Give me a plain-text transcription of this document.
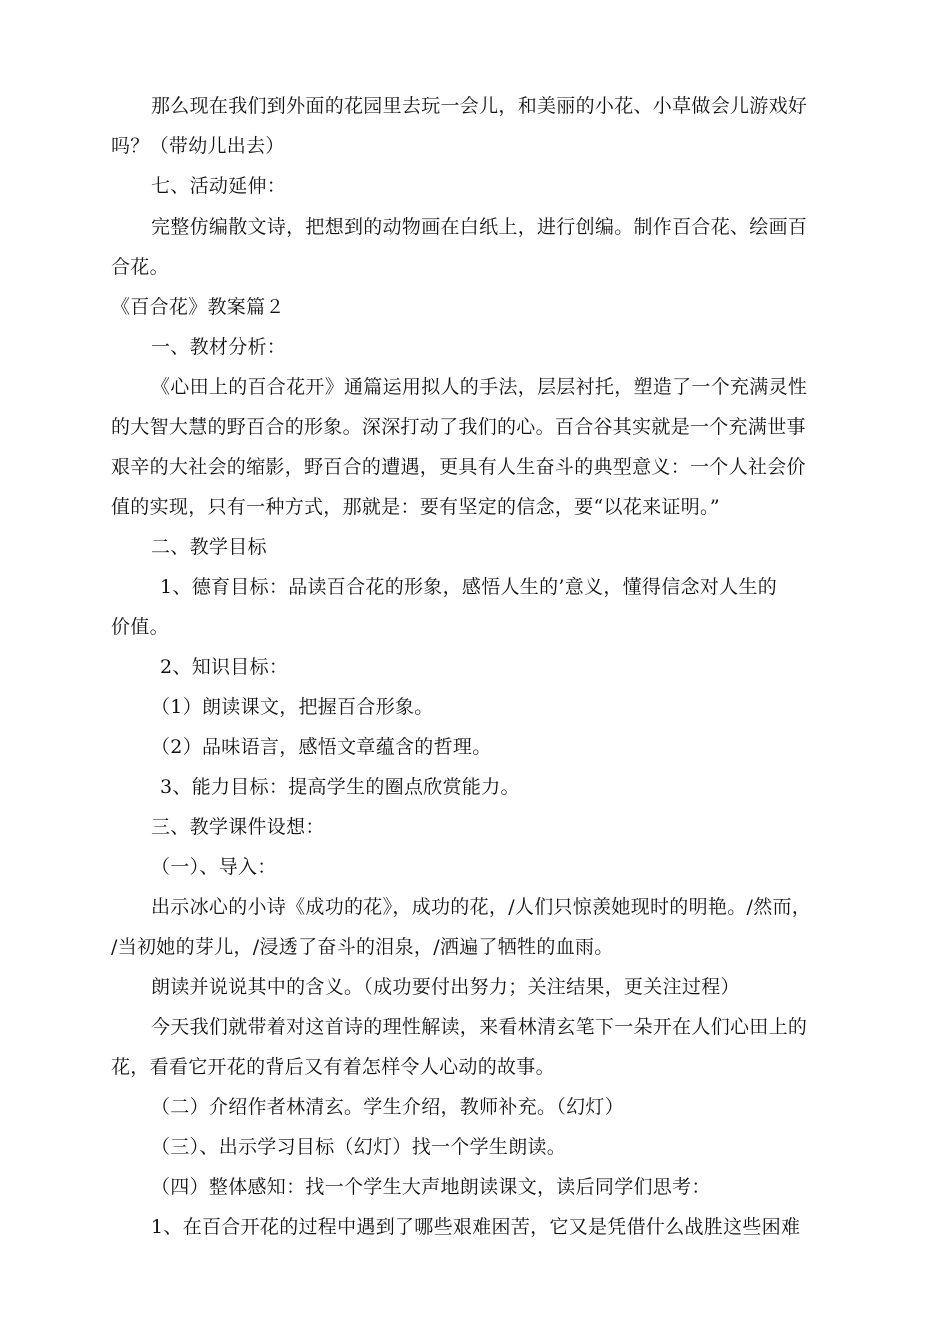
那么现在我们到外面的花园里去玩一会儿，和美丽的小花、小草做会儿游戏好
吗？（带幼儿出去）
七、活动延伸：
完整仿编散文诗，把想到的动物画在白纸上，进行创编。制作百合花、绘画百
合花。
《百合花》教案篇２
一、教材分析：
《心田上的百合花开》通篇运用拟人的手法，层层衬托，塑造了一个充满灵性
的大智大慧的野百合的形象。深深打动了我们的心。百合谷其实就是一个充满世事
艰辛的大社会的缩影，野百合的遭遇，更具有人生奋斗的典型意义：一个人社会价
值的实现，只有一种方式，那就是：要有坚定的信念，要“以花来证明。”
二、教学目标
1、德育目标：品读百合花的形象，感悟人生的’意义，懂得信念对人生的
价值。
2、知识目标：
（1）朗读课文，把握百合形象。
（2）品味语言，感悟文章蕴含的哲理。
3、能力目标：提高学生的圈点欣赏能力。
三、教学课件设想：
（一）、导入：
出示冰心的小诗《成功的花》，成功的花，/人们只惊羡她现时的明艳。/然而，
/当初她的芽儿，/浸透了奋斗的泪泉，/洒遍了牺牲的血雨。
朗读并说说其中的含义。（成功要付出努力；关注结果，更关注过程）
今天我们就带着对这首诗的理性解读，来看林清玄笔下一朵开在人们心田上的
花，看看它开花的背后又有着怎样令人心动的故事。
（二）介绍作者林清玄。学生介绍，教师补充。（幻灯）
（三）、出示学习目标（幻灯）找一个学生朗读。
（四）整体感知：找一个学生大声地朗读课文，读后同学们思考：
1、在百合开花的过程中遇到了哪些艰难困苦，它又是凭借什么战胜这些困难
